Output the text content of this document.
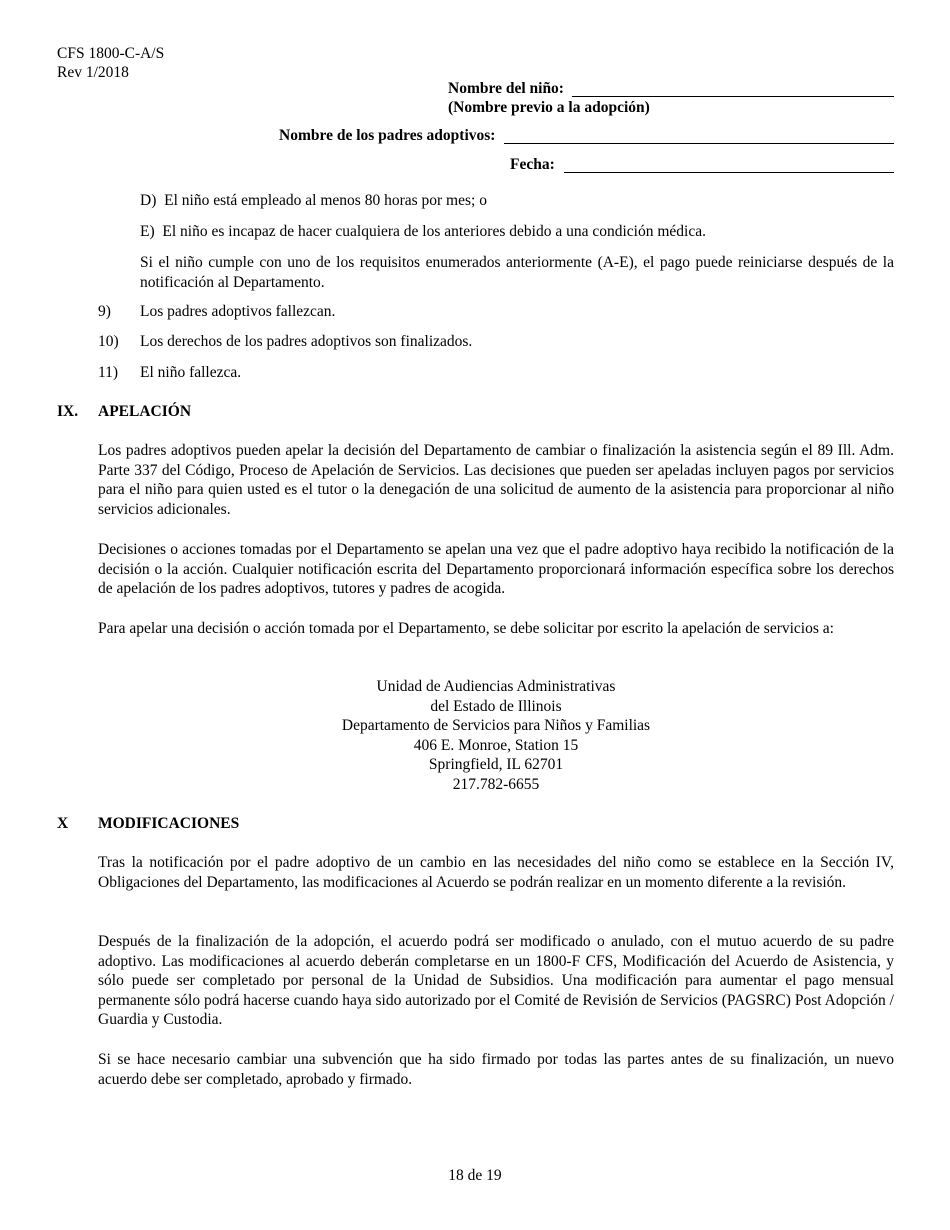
CFS 1800-C-A/S
Rev 1/2018
Nombre del niño:
(Nombre previo a la adopción)
Nombre de los padres adoptivos:
Fecha:
D) El niño está empleado al menos 80 horas por mes; o
E) El niño es incapaz de hacer cualquiera de los anteriores debido a una condición médica.
Si el niño cumple con uno de los requisitos enumerados anteriormente (A-E), el pago puede reiniciarse después de la notificación al Departamento.
9) Los padres adoptivos fallezcan.
10) Los derechos de los padres adoptivos son finalizados.
11) El niño fallezca.
IX. APELACIÓN
Los padres adoptivos pueden apelar la decisión del Departamento de cambiar o finalización la asistencia según el 89 Ill. Adm. Parte 337 del Código, Proceso de Apelación de Servicios. Las decisiones que pueden ser apeladas incluyen pagos por servicios para el niño para quien usted es el tutor o la denegación de una solicitud de aumento de la asistencia para proporcionar al niño servicios adicionales.
Decisiones o acciones tomadas por el Departamento se apelan una vez que el padre adoptivo haya recibido la notificación de la decisión o la acción. Cualquier notificación escrita del Departamento proporcionará información específica sobre los derechos de apelación de los padres adoptivos, tutores y padres de acogida.
Para apelar una decisión o acción tomada por el Departamento, se debe solicitar por escrito la apelación de servicios a:
Unidad de Audiencias Administrativas
del Estado de Illinois
Departamento de Servicios para Niños y Familias
406 E. Monroe, Station 15
Springfield, IL 62701
217.782-6655
X MODIFICACIONES
Tras la notificación por el padre adoptivo de un cambio en las necesidades del niño como se establece en la Sección IV, Obligaciones del Departamento, las modificaciones al Acuerdo se podrán realizar en un momento diferente a la revisión.
Después de la finalización de la adopción, el acuerdo podrá ser modificado o anulado, con el mutuo acuerdo de su padre adoptivo. Las modificaciones al acuerdo deberán completarse en un 1800-F CFS, Modificación del Acuerdo de Asistencia, y sólo puede ser completado por personal de la Unidad de Subsidios. Una modificación para aumentar el pago mensual permanente sólo podrá hacerse cuando haya sido autorizado por el Comité de Revisión de Servicios (PAGSRC) Post Adopción / Guardia y Custodia.
Si se hace necesario cambiar una subvención que ha sido firmado por todas las partes antes de su finalización, un nuevo acuerdo debe ser completado, aprobado y firmado.
18 de 19
